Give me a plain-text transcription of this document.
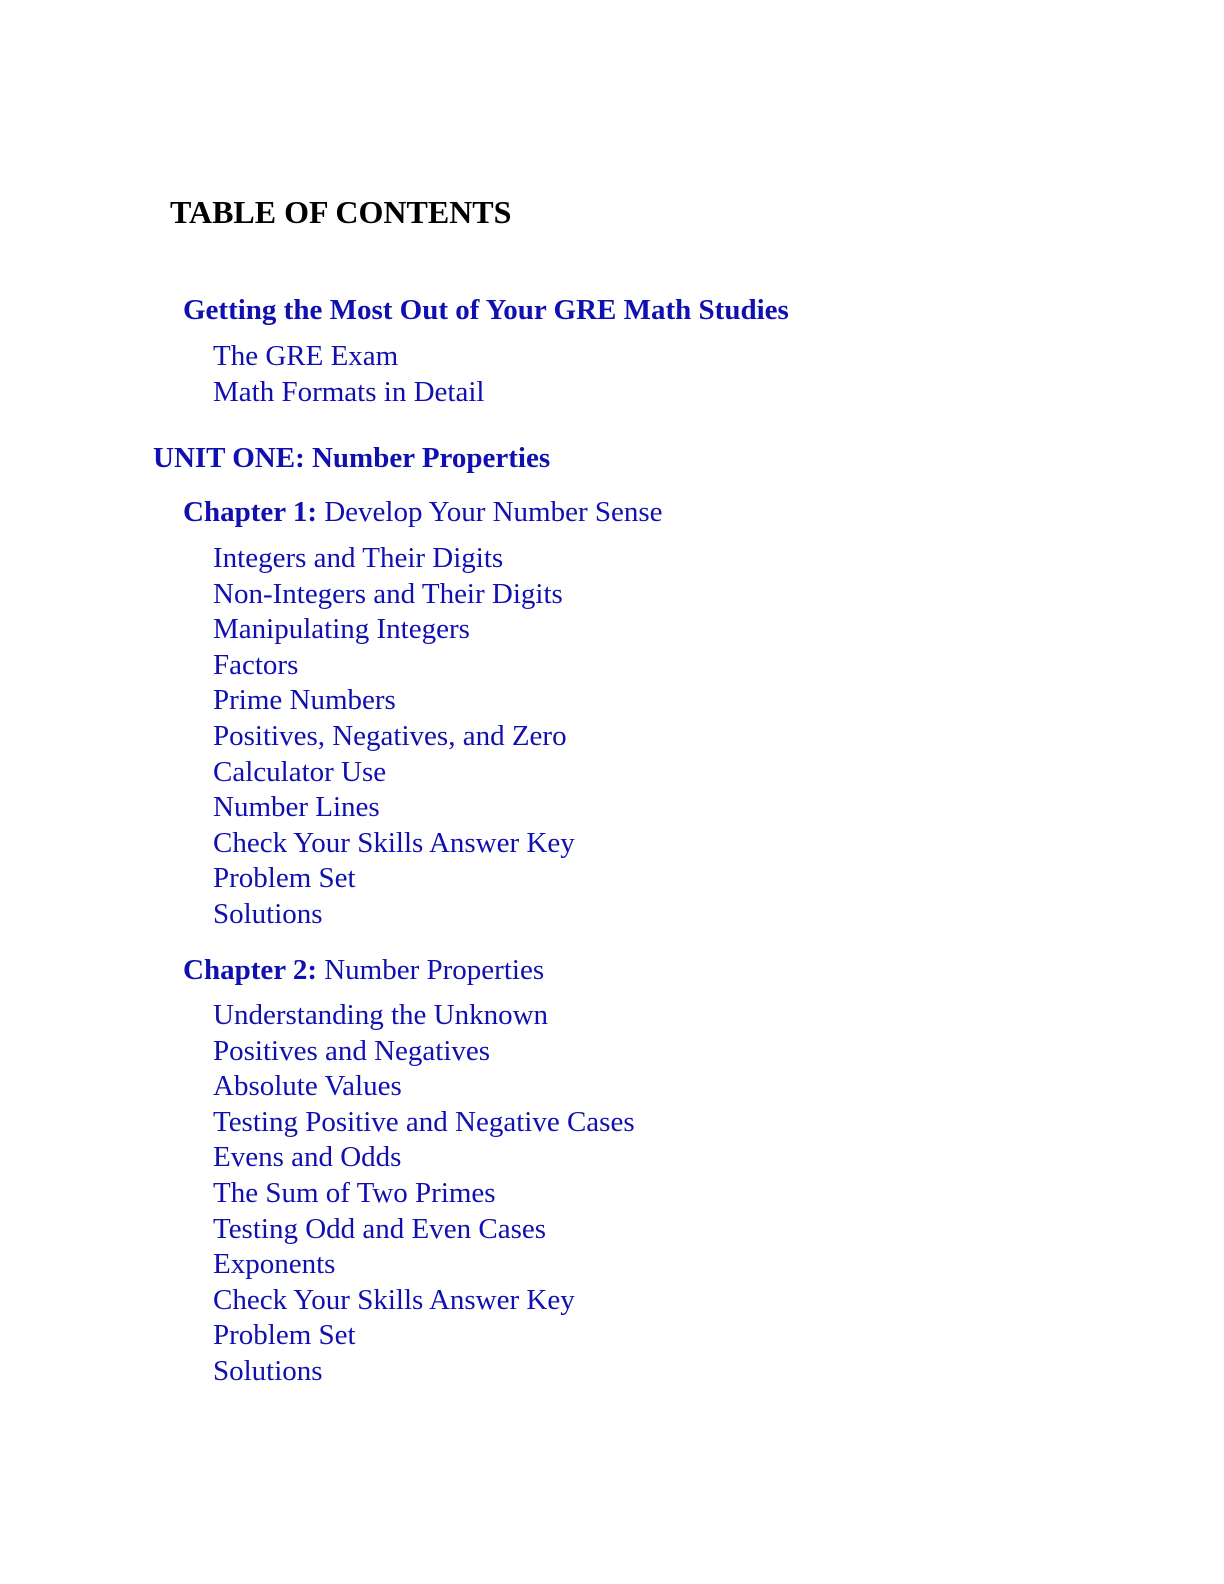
TABLE OF CONTENTS
Getting the Most Out of Your GRE Math Studies
The GRE Exam
Math Formats in Detail
UNIT ONE: Number Properties
Chapter 1: Develop Your Number Sense
Integers and Their Digits
Non-Integers and Their Digits
Manipulating Integers
Factors
Prime Numbers
Positives, Negatives, and Zero
Calculator Use
Number Lines
Check Your Skills Answer Key
Problem Set
Solutions
Chapter 2: Number Properties
Understanding the Unknown
Positives and Negatives
Absolute Values
Testing Positive and Negative Cases
Evens and Odds
The Sum of Two Primes
Testing Odd and Even Cases
Exponents
Check Your Skills Answer Key
Problem Set
Solutions
